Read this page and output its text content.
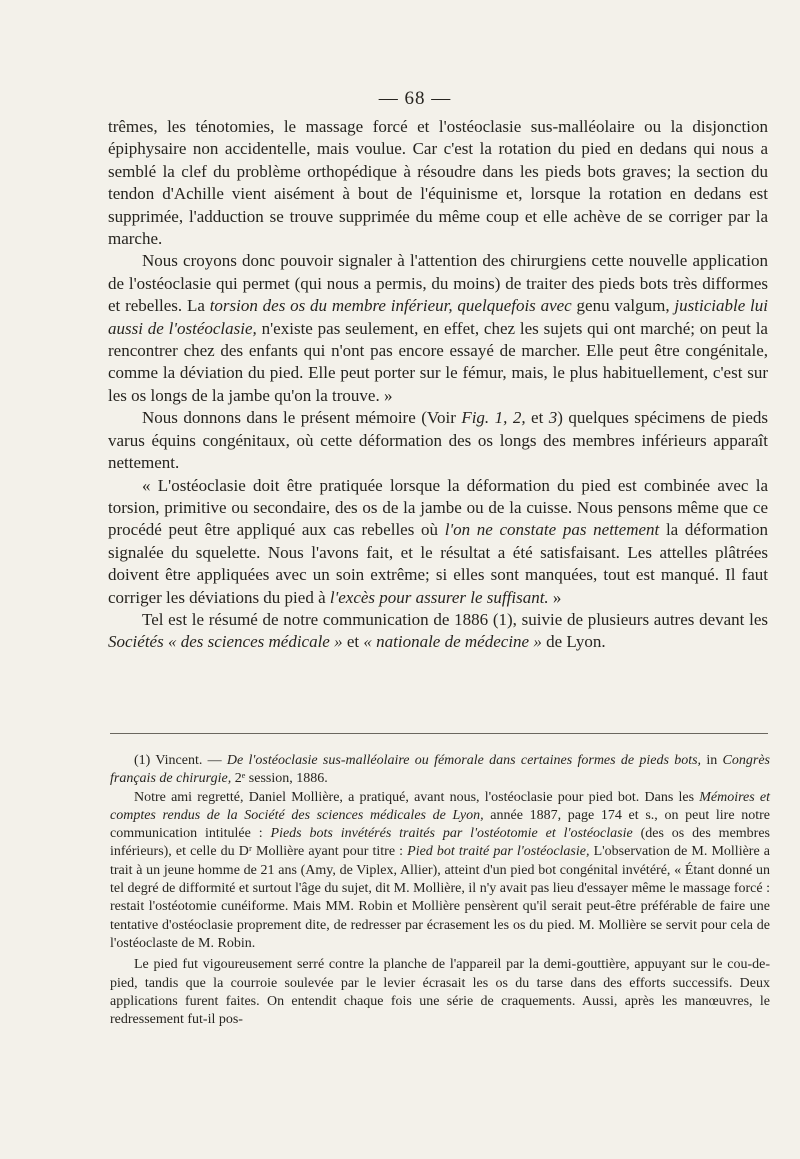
— 68 —

trêmes, les ténotomies, le massage forcé et l'ostéoclasie sus-malléolaire ou la disjonction épiphysaire non accidentelle, mais voulue. Car c'est la rotation du pied en dedans qui nous a semblé la clef du problème orthopédique à résoudre dans les pieds bots graves; la section du tendon d'Achille vient aisément à bout de l'équinisme et, lorsque la rotation en dedans est supprimée, l'adduction se trouve supprimée du même coup et elle achève de se corriger par la marche.

Nous croyons donc pouvoir signaler à l'attention des chirurgiens cette nouvelle application de l'ostéoclasie qui permet (qui nous a permis, du moins) de traiter des pieds bots très difformes et rebelles. La torsion des os du membre inférieur, quelquefois avec genu valgum, justiciable lui aussi de l'ostéoclasie, n'existe pas seulement, en effet, chez les sujets qui ont marché; on peut la rencontrer chez des enfants qui n'ont pas encore essayé de marcher. Elle peut être congénitale, comme la déviation du pied. Elle peut porter sur le fémur, mais, le plus habituellement, c'est sur les os longs de la jambe qu'on la trouve. »

Nous donnons dans le présent mémoire (Voir Fig. 1, 2, et 3) quelques spécimens de pieds varus équins congénitaux, où cette déformation des os longs des membres inférieurs apparaît nettement.

« L'ostéoclasie doit être pratiquée lorsque la déformation du pied est combinée avec la torsion, primitive ou secondaire, des os de la jambe ou de la cuisse. Nous pensons même que ce procédé peut être appliqué aux cas rebelles où l'on ne constate pas nettement la déformation signalée du squelette. Nous l'avons fait, et le résultat a été satisfaisant. Les attelles plâtrées doivent être appliquées avec un soin extrême; si elles sont manquées, tout est manqué. Il faut corriger les déviations du pied à l'excès pour assurer le suffisant. »

Tel est le résumé de notre communication de 1886 (1), suivie de plusieurs autres devant les Sociétés « des sciences médicale » et « nationale de médecine » de Lyon.

(1) Vincent. — De l'ostéoclasie sus-malléolaire ou fémorale dans certaines formes de pieds bots, in Congrès français de chirurgie, 2ᵉ session, 1886.

Notre ami regretté, Daniel Mollière, a pratiqué, avant nous, l'ostéoclasie pour pied bot. Dans les Mémoires et comptes rendus de la Société des sciences médicales de Lyon, année 1887, page 174 et s., on peut lire notre communication intitulée : Pieds bots invétérés traités par l'ostéotomie et l'ostéoclasie (des os des membres inférieurs), et celle du Dʳ Mollière ayant pour titre : Pied bot traité par l'ostéoclasie, L'observation de M. Mollière a trait à un jeune homme de 21 ans (Amy, de Viplex, Allier), atteint d'un pied bot congénital invétéré, « Étant donné un tel degré de difformité et surtout l'âge du sujet, dit M. Mollière, il n'y avait pas lieu d'essayer même le massage forcé : restait l'ostéotomie cunéiforme. Mais MM. Robin et Mollière pensèrent qu'il serait peut-être préférable de faire une tentative d'ostéoclasie proprement dite, de redresser par écrasement les os du pied. M. Mollière se servit pour cela de l'ostéoclaste de M. Robin.

Le pied fut vigoureusement serré contre la planche de l'appareil par la demi-gouttière, appuyant sur le cou-de-pied, tandis que la courroie soulevée par le levier écrasait les os du tarse dans des efforts successifs. Deux applications furent faites. On entendit chaque fois une série de craquements. Aussi, après les manœuvres, le redressement fut-il pos-
